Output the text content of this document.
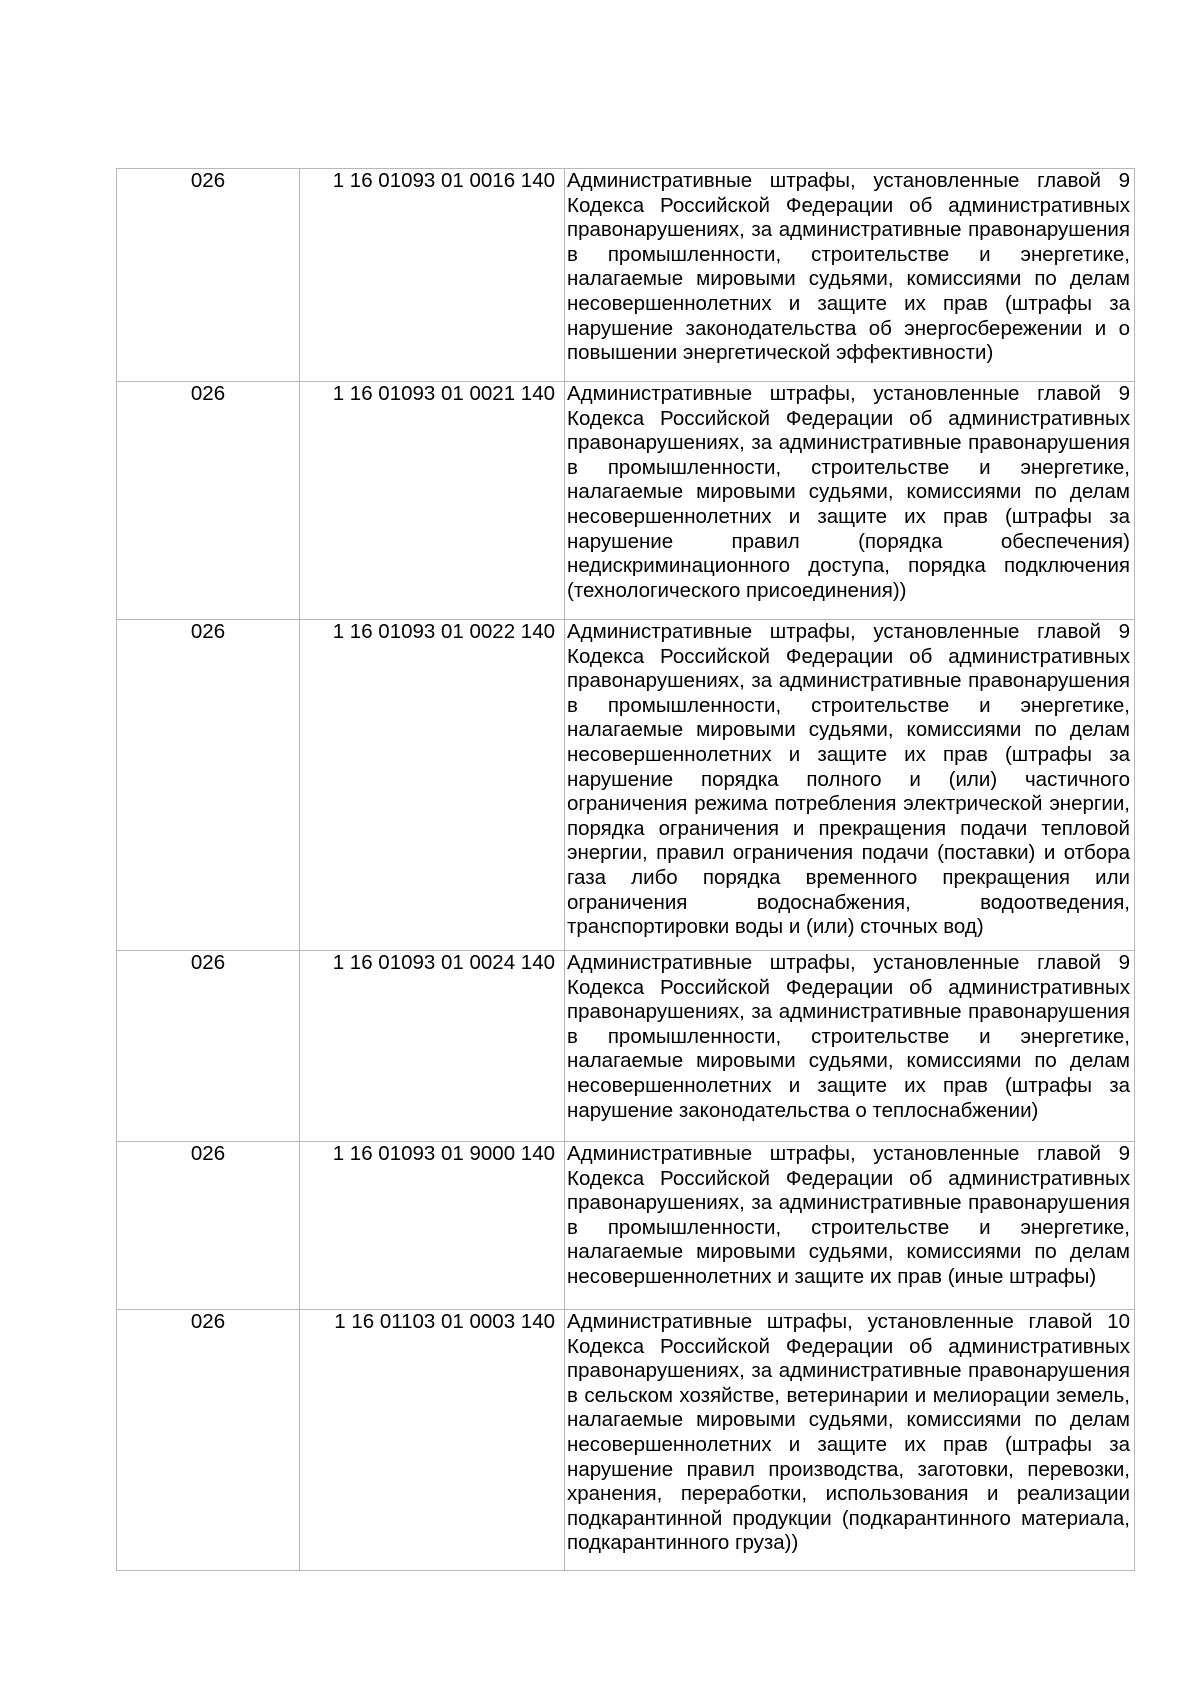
026	1 16 01093 01 0016 140	Административные штрафы, установленные главой 9 Кодекса Российской Федерации об административных правонарушениях, за административные правонарушения в промышленности, строительстве и энергетике, налагаемые мировыми судьями, комиссиями по делам несовершеннолетних и защите их прав (штрафы за нарушение законодательства об энергосбережении и о повышении энергетической эффективности)

026	1 16 01093 01 0021 140	Административные штрафы, установленные главой 9 Кодекса Российской Федерации об административных правонарушениях, за административные правонарушения в промышленности, строительстве и энергетике, налагаемые мировыми судьями, комиссиями по делам несовершеннолетних и защите их прав (штрафы за нарушение правил (порядка обеспечения) недискриминационного доступа, порядка подключения (технологического присоединения))

026	1 16 01093 01 0022 140	Административные штрафы, установленные главой 9 Кодекса Российской Федерации об административных правонарушениях, за административные правонарушения в промышленности, строительстве и энергетике, налагаемые мировыми судьями, комиссиями по делам несовершеннолетних и защите их прав (штрафы за нарушение порядка полного и (или) частичного ограничения режима потребления электрической энергии, порядка ограничения и прекращения подачи тепловой энергии, правил ограничения подачи (поставки) и отбора газа либо порядка временного прекращения или ограничения водоснабжения, водоотведения, транспортировки воды и (или) сточных вод)

026	1 16 01093 01 0024 140	Административные штрафы, установленные главой 9 Кодекса Российской Федерации об административных правонарушениях, за административные правонарушения в промышленности, строительстве и энергетике, налагаемые мировыми судьями, комиссиями по делам несовершеннолетних и защите их прав (штрафы за нарушение законодательства о теплоснабжении)

026	1 16 01093 01 9000 140	Административные штрафы, установленные главой 9 Кодекса Российской Федерации об административных правонарушениях, за административные правонарушения в промышленности, строительстве и энергетике, налагаемые мировыми судьями, комиссиями по делам несовершеннолетних и защите их прав (иные штрафы)

026	1 16 01103 01 0003 140	Административные штрафы, установленные главой 10 Кодекса Российской Федерации об административных правонарушениях, за административные правонарушения в сельском хозяйстве, ветеринарии и мелиорации земель, налагаемые мировыми судьями, комиссиями по делам несовершеннолетних и защите их прав (штрафы за нарушение правил производства, заготовки, перевозки, хранения, переработки, использования и реализации подкарантинной продукции (подкарантинного материала, подкарантинного груза))
